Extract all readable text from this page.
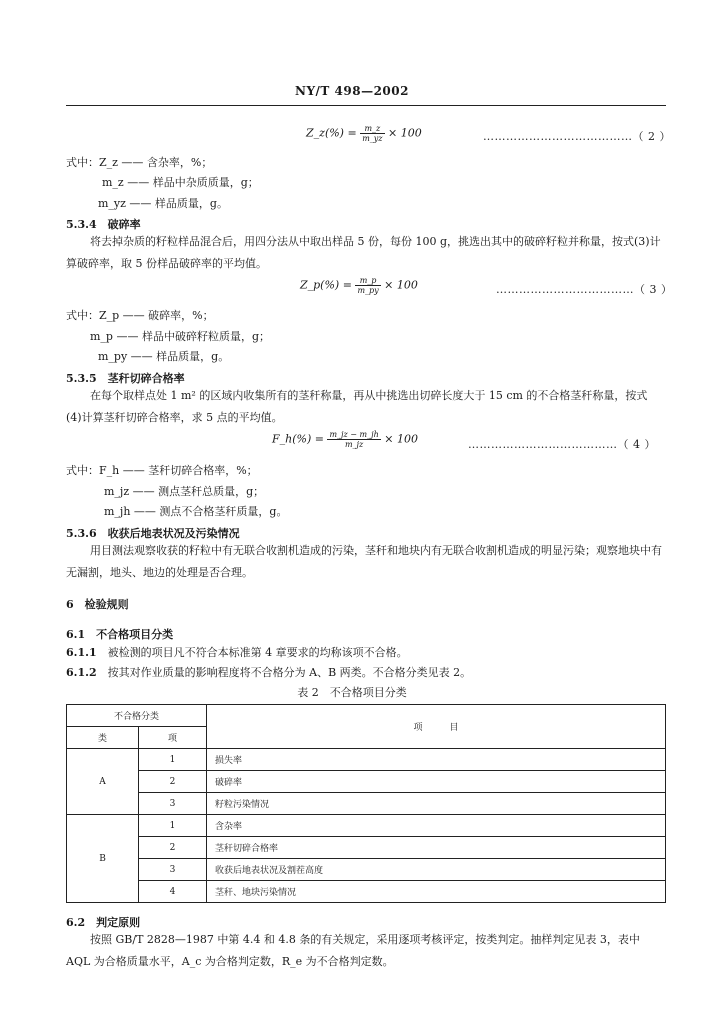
NY/T 498—2002
Z_z(%) = $\frac{m\_z}{m\_yz} \times 100$	…………………………………（ 2 ）
式中：Z_z —— 含杂率，%；
m_z —— 样品中杂质质量，g；
m_yz —— 样品质量，g。
5.3.4　 破碎率
将去掉杂质的籽粒样品混合后，用四分法从中取出样品 5 份，每份 100 g，挑选出其中的破碎籽粒并称量，按式(3)计算破碎率，取 5 份样品破碎率的平均值。
Z_p(%) = $\frac{m\_p}{m\_py} \times 100$	………………………………（ 3 ）
式中：Z_p —— 破碎率，%；
m_p —— 样品中破碎籽粒质量，g；
m_py —— 样品质量，g。
5.3.5　 茎秆切碎合格率
在每个取样点处 1 m² 的区域内收集所有的茎秆称量，再从中挑选出切碎长度大于 15 cm 的不合格茎秆称量，按式(4)计算茎秆切碎合格率，求 5 点的平均值。
F_h(%) = $\frac{m\_jz - m\_jh}{m\_jz} \times 100$	…………………………………（ 4 ）
式中：F_h —— 茎秆切碎合格率，%；
m_jz —— 测点茎秆总质量，g；
m_jh —— 测点不合格茎秆质量，g。
5.3.6　 收获后地表状况及污染情况
用目测法观察收获的籽粒中有无联合收割机造成的污染，茎秆和地块内有无联合收割机造成的明显污染；观察地块中有无漏割，地头、地边的处理是否合理。
6　 检验规则
6.1　 不合格项目分类
6.1.1　 被检测的项目凡不符合本标准第 4 章要求的均称该项不合格。
6.1.2　 按其对作业质量的影响程度将不合格分为 A、B 两类。不合格分类见表 2。
表 2　不合格项目分类
不合格分类		项　　　目
类	项	
A	1	损失率
	2	破碎率
	3	籽粒污染情况
B	1	含杂率
	2	茎秆切碎合格率
	3	收获后地表状况及割茬高度
	4	茎秆、地块污染情况
6.2　 判定原则
按照 GB/T 2828—1987 中第 4.4 和 4.8 条的有关规定，采用逐项考核评定，按类判定。抽样判定见表 3，表中 AQL 为合格质量水平，A_c 为合格判定数，R_e 为不合格判定数。
